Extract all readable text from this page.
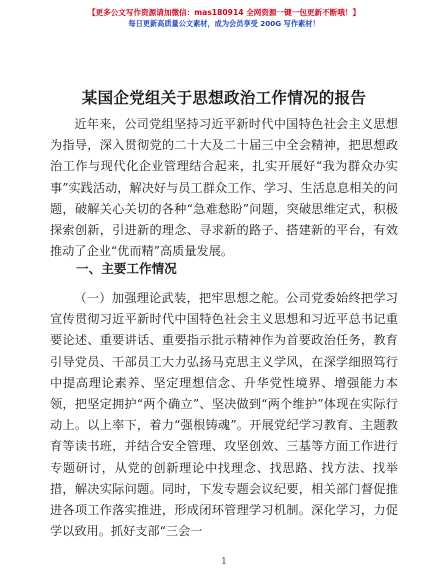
【更多公文写作资源请加微信：mas180914 全网资源一键一包更新不断哦！】
每日更新高质量公文素材，成为会员享受 200G 写作素材！
某国企党组关于思想政治工作情况的报告

近年来，公司党组坚持习近平新时代中国特色社会主义思想为指导，深入贯彻党的二十大及二十届三中全会精神，把思想政治工作与现代化企业管理结合起来，扎实开展好“我为群众办实事”实践活动，解决好与员工群众工作、学习、生活息息相关的问题，破解关心关切的各种“急难愁盼”问题，突破思维定式，积极探索创新，引进新的理念、寻求新的路子、搭建新的平台，有效推动了企业“优而精”高质量发展。

一、主要工作情况

（一）加强理论武装，把牢思想之舵。公司党委始终把学习宣传贯彻习近平新时代中国特色社会主义思想和习近平总书记重要论述、重要讲话、重要指示批示精神作为首要政治任务，教育引导党员、干部员工大力弘扬马克思主义学风，在深学细照笃行中提高理论素养、坚定理想信念、升华党性境界、增强能力本领，把坚定拥护“两个确立”、坚决做到“两个维护”体现在实际行动上。以上率下，着力“强根铸魂”。开展党纪学习教育、主题教育等读书班，并结合安全管理、攻坚创效、三基等方面工作进行专题研讨，从党的创新理论中找理念、找思路、找方法、找举措，解决实际问题。同时，下发专题会议纪要，相关部门督促推进各项工作落实推进，形成闭环管理学习机制。深化学习，力促学以致用。抓好支部“三会一

1
